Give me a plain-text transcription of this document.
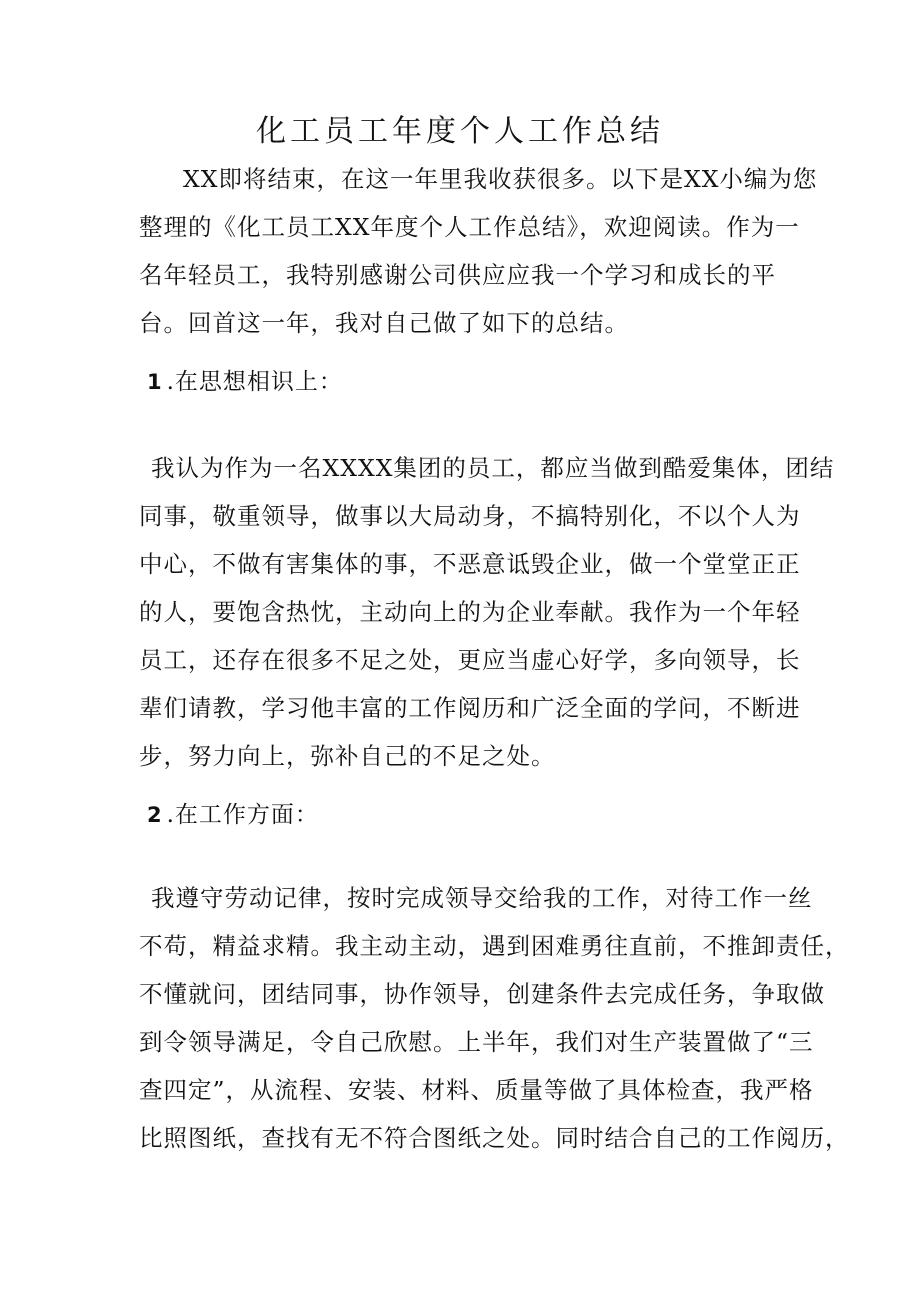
化工员工年度个人工作总结
XX即将结束，在这一年里我收获很多。以下是XX小编为您
整理的《化工员工XX年度个人工作总结》，欢迎阅读。作为一
名年轻员工，我特别感谢公司供应应我一个学习和成长的平
台。回首这一年，我对自己做了如下的总结。
1 .在思想相识上：
我认为作为一名XXXX集团的员工，都应当做到酷爱集体，团结
同事，敬重领导，做事以大局动身，不搞特别化，不以个人为
中心，不做有害集体的事，不恶意诋毁企业，做一个堂堂正正
的人，要饱含热忱，主动向上的为企业奉献。我作为一个年轻
员工，还存在很多不足之处，更应当虚心好学，多向领导，长
辈们请教，学习他丰富的工作阅历和广泛全面的学问，不断进
步，努力向上，弥补自己的不足之处。
2 .在工作方面：
我遵守劳动记律，按时完成领导交给我的工作，对待工作一丝
不苟，精益求精。我主动主动，遇到困难勇往直前，不推卸责任，
不懂就问，团结同事，协作领导，创建条件去完成任务，争取做
到令领导满足，令自己欣慰。上半年，我们对生产装置做了“三
查四定”，从流程、安装、材料、质量等做了具体检查，我严格
比照图纸，查找有无不符合图纸之处。同时结合自己的工作阅历，
